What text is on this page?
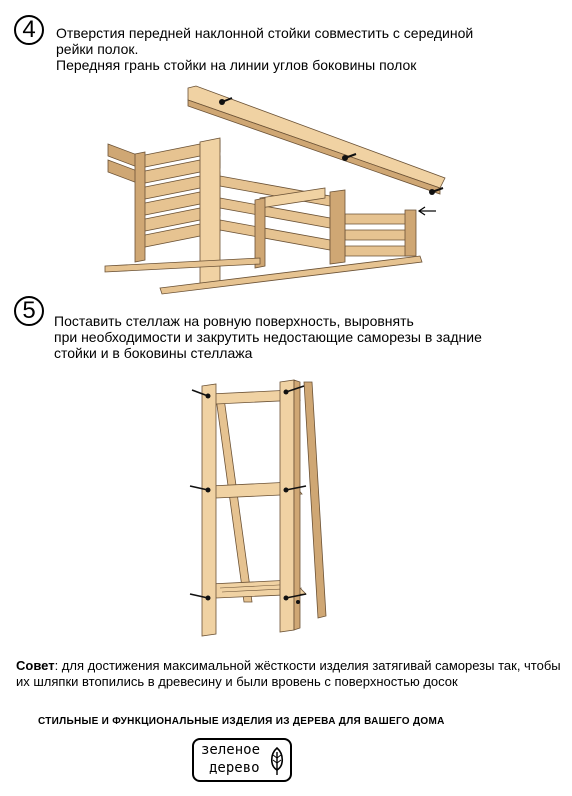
4 Отверстия передней наклонной стойки совместить с серединой
рейки полок.
Передняя грань стойки на линии углов боковины полок
5 Поставить стеллаж на ровную поверхность, выровнять
при необходимости и закрутить недостающие саморезы в задние
стойки и в боковины стеллажа
Совет: для достижения максимальной жёсткости изделия затягивай саморезы так, чтобы их шляпки втопились в древесину и были вровень с поверхностью досок
СТИЛЬНЫЕ И ФУНКЦИОНАЛЬНЫЕ ИЗДЕЛИЯ ИЗ ДЕРЕВА ДЛЯ ВАШЕГО ДОМА
зеленое
дерево
